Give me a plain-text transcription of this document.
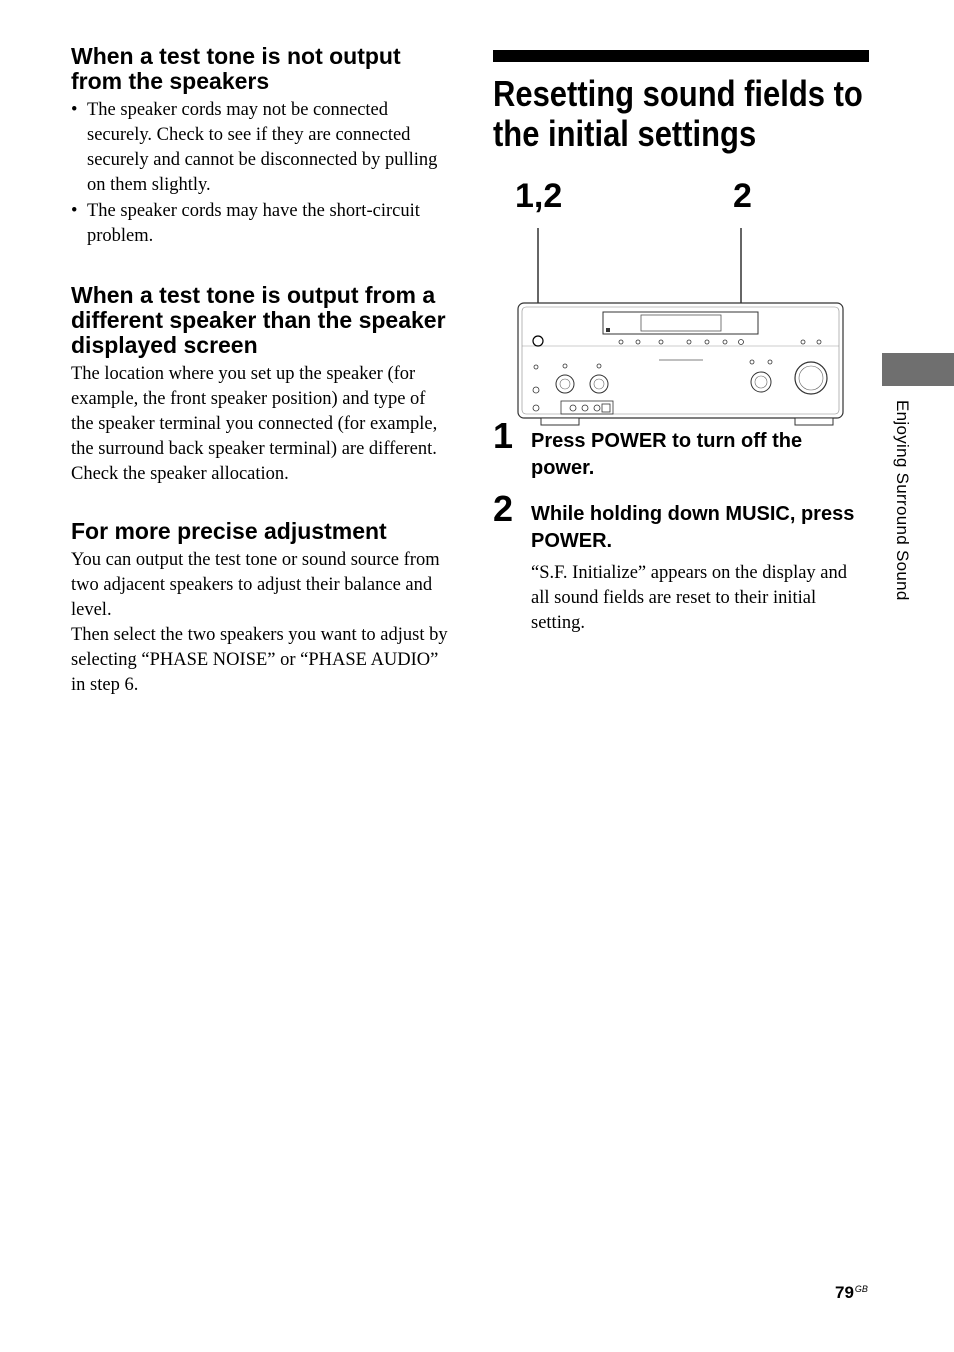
When a test tone is not output from the speakers
• The speaker cords may not be connected securely. Check to see if they are connected securely and cannot be disconnected by pulling on them slightly.
• The speaker cords may have the short-circuit problem.
When a test tone is output from a different speaker than the speaker displayed screen

The location where you set up the speaker (for example, the front speaker position) and type of the speaker terminal you connected (for example, the surround back speaker terminal) are different. Check the speaker allocation.

For more precise adjustment

You can output the test tone or sound source from two adjacent speakers to adjust their balance and level.

Then select the two speakers you want to adjust by selecting “PHASE NOISE” or “PHASE AUDIO” in step 6.

Resetting sound fields to the initial settings
1,2	2
1 Press POWER to turn off the power.

2 While holding down MUSIC, press POWER.

“S.F. Initialize” appears on the display and all sound fields are reset to their initial setting.

Enjoying Surround Sound
$79^{GB}$
